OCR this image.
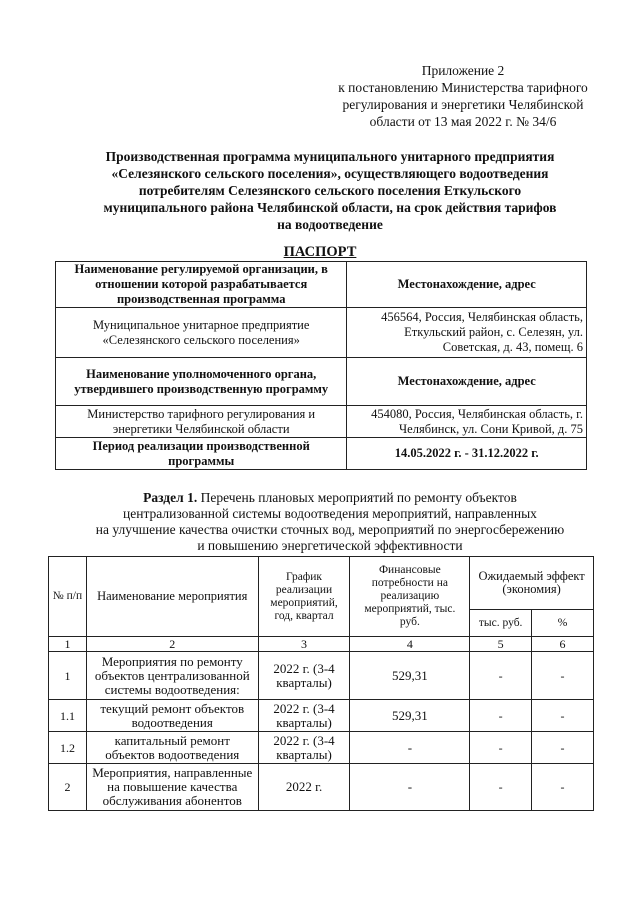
Приложение 2
к постановлению Министерства тарифного
регулирования и энергетики Челябинской
области от 13 мая 2022 г. № 34/6
Производственная программа муниципального унитарного предприятия
«Селезянского сельского поселения», осуществляющего водоотведения
потребителям Селезянского сельского поселения Еткульского
муниципального района Челябинской области, на срок действия тарифов
на водоотведение
ПАСПОРТ
Наименование регулируемой организации, в отношении которой разрабатывается производственная программа	Местонахождение, адрес
Муниципальное унитарное предприятие «Селезянского сельского поселения»	456564, Россия, Челябинская область, Еткульский район, с. Селезян, ул. Советская, д. 43, помещ. 6
Наименование уполномоченного органа, утвердившего производственную программу	Местонахождение, адрес
Министерство тарифного регулирования и энергетики Челябинской области	454080, Россия, Челябинская область, г. Челябинск, ул. Сони Кривой, д. 75
Период реализации производственной программы	14.05.2022 г. - 31.12.2022 г.
Раздел 1. Перечень плановых мероприятий по ремонту объектов
централизованной системы водоотведения мероприятий, направленных
на улучшение качества очистки сточных вод, мероприятий по энергосбережению
и повышению энергетической эффективности
№ п/п	Наименование мероприятия	График реализации мероприятий, год, квартал	Финансовые потребности на реализацию мероприятий, тыс. руб.	Ожидаемый эффект (экономия)	
				тыс. руб.	%
1	2	3	4	5	6
1	Мероприятия по ремонту объектов централизованной системы водоотведения:	2022 г. (3-4 кварталы)	529,31	-	-
1.1	текущий ремонт объектов водоотведения	2022 г. (3-4 кварталы)	529,31	-	-
1.2	капитальный ремонт объектов водоотведения	2022 г. (3-4 кварталы)	-	-	-
2	Мероприятия, направленные на повышение качества обслуживания абонентов	2022 г.	-	-	-
